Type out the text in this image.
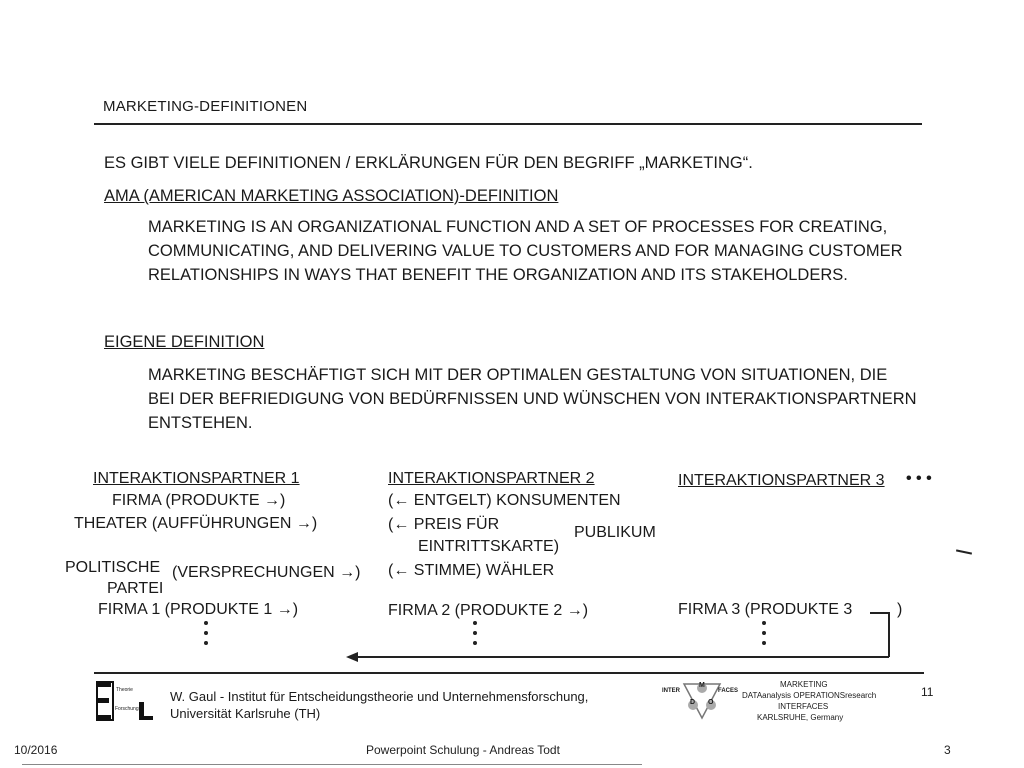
MARKETING-DEFINITIONEN
ES GIBT VIELE DEFINITIONEN / ERKLÄRUNGEN FÜR DEN BEGRIFF „MARKETING“.
AMA (AMERICAN MARKETING ASSOCIATION)-DEFINITION
MARKETING IS AN ORGANIZATIONAL FUNCTION AND A SET OF PROCESSES FOR CREATING, COMMUNICATING, AND DELIVERING VALUE TO CUSTOMERS AND FOR MANAGING CUSTOMER RELATIONSHIPS IN WAYS THAT BENEFIT THE ORGANIZATION AND ITS STAKEHOLDERS.
EIGENE DEFINITION
MARKETING BESCHÄFTIGT SICH MIT DER OPTIMALEN GESTALTUNG VON SITUATIONEN, DIE BEI DER BEFRIEDIGUNG VON BEDÜRFNISSEN UND WÜNSCHEN VON INTERAKTIONSPARTNERN ENTSTEHEN.
INTERAKTIONSPARTNER 1
FIRMA (PRODUKTE →)
THEATER (AUFFÜHRUNGEN →)
POLITISCHE
PARTEI
(VERSPRECHUNGEN →)
FIRMA 1 (PRODUKTE 1 →)
INTERAKTIONSPARTNER 2
(← ENTGELT) KONSUMENTEN
(← PREIS FÜR
EINTRITTSKARTE)
PUBLIKUM
(← STIMME) WÄHLER
FIRMA 2 (PRODUKTE 2 →)
INTERAKTIONSPARTNER 3 • • •
FIRMA 3 (PRODUKTE 3	)
Theorie
Forschung
W. Gaul - Institut für Entscheidungstheorie und Unternehmensforschung,
Universität Karlsruhe (TH)
INTER	FACES
M
D O
MARKETING
DATAanalysis OPERATIONSresearch
INTERFACES
KARLSRUHE, Germany
11
10/2016	Powerpoint Schulung - Andreas Todt	3
